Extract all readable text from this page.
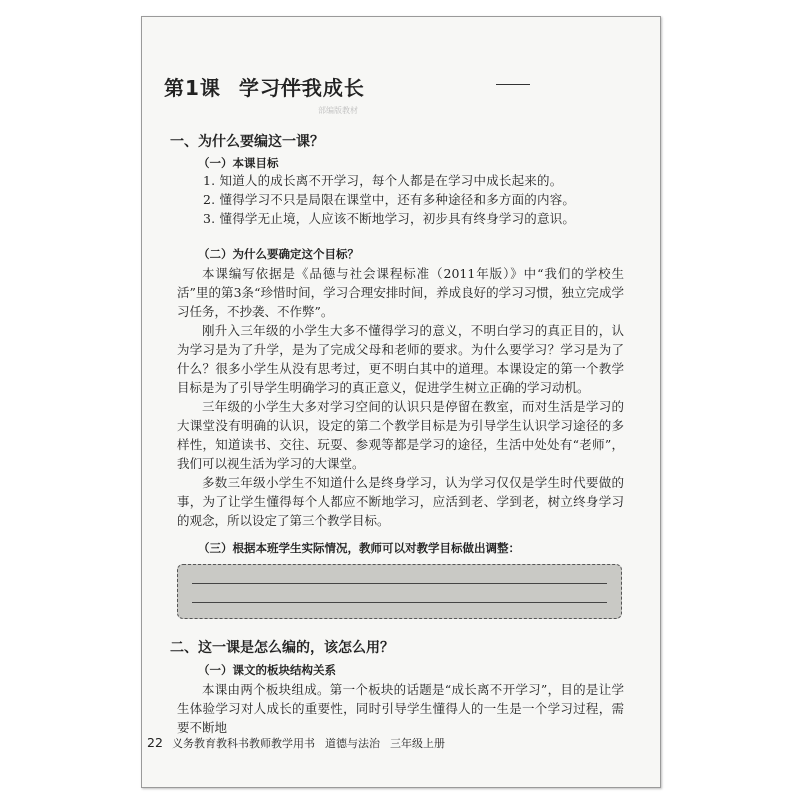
第1课 学习伴我成长
部编版教材
一、为什么要编这一课？
（一）本课目标
1. 知道人的成长离不开学习，每个人都是在学习中成长起来的。
2. 懂得学习不只是局限在课堂中，还有多种途径和多方面的内容。
3. 懂得学无止境，人应该不断地学习，初步具有终身学习的意识。
（二）为什么要确定这个目标？
本课编写依据是《品德与社会课程标准（2011年版）》中“我们的学校生活”里的第3条“珍惜时间，学习合理安排时间，养成良好的学习习惯，独立完成学习任务，不抄袭、不作弊”。
刚升入三年级的小学生大多不懂得学习的意义，不明白学习的真正目的，认为学习是为了升学，是为了完成父母和老师的要求。为什么要学习？学习是为了什么？很多小学生从没有思考过，更不明白其中的道理。本课设定的第一个教学目标是为了引导学生明确学习的真正意义，促进学生树立正确的学习动机。
三年级的小学生大多对学习空间的认识只是停留在教室，而对生活是学习的大课堂没有明确的认识，设定的第二个教学目标是为引导学生认识学习途径的多样性，知道读书、交往、玩耍、参观等都是学习的途径，生活中处处有“老师”，我们可以视生活为学习的大课堂。
多数三年级小学生不知道什么是终身学习，认为学习仅仅是学生时代要做的事，为了让学生懂得每个人都应不断地学习，应活到老、学到老，树立终身学习的观念，所以设定了第三个教学目标。
（三）根据本班学生实际情况，教师可以对教学目标做出调整：
二、这一课是怎么编的，该怎么用？
（一）课文的板块结构关系
本课由两个板块组成。第一个板块的话题是“成长离不开学习”，目的是让学生体验学习对人成长的重要性，同时引导学生懂得人的一生是一个学习过程，需要不断地
22 义务教育教科书教师教学用书 道德与法治 三年级上册
